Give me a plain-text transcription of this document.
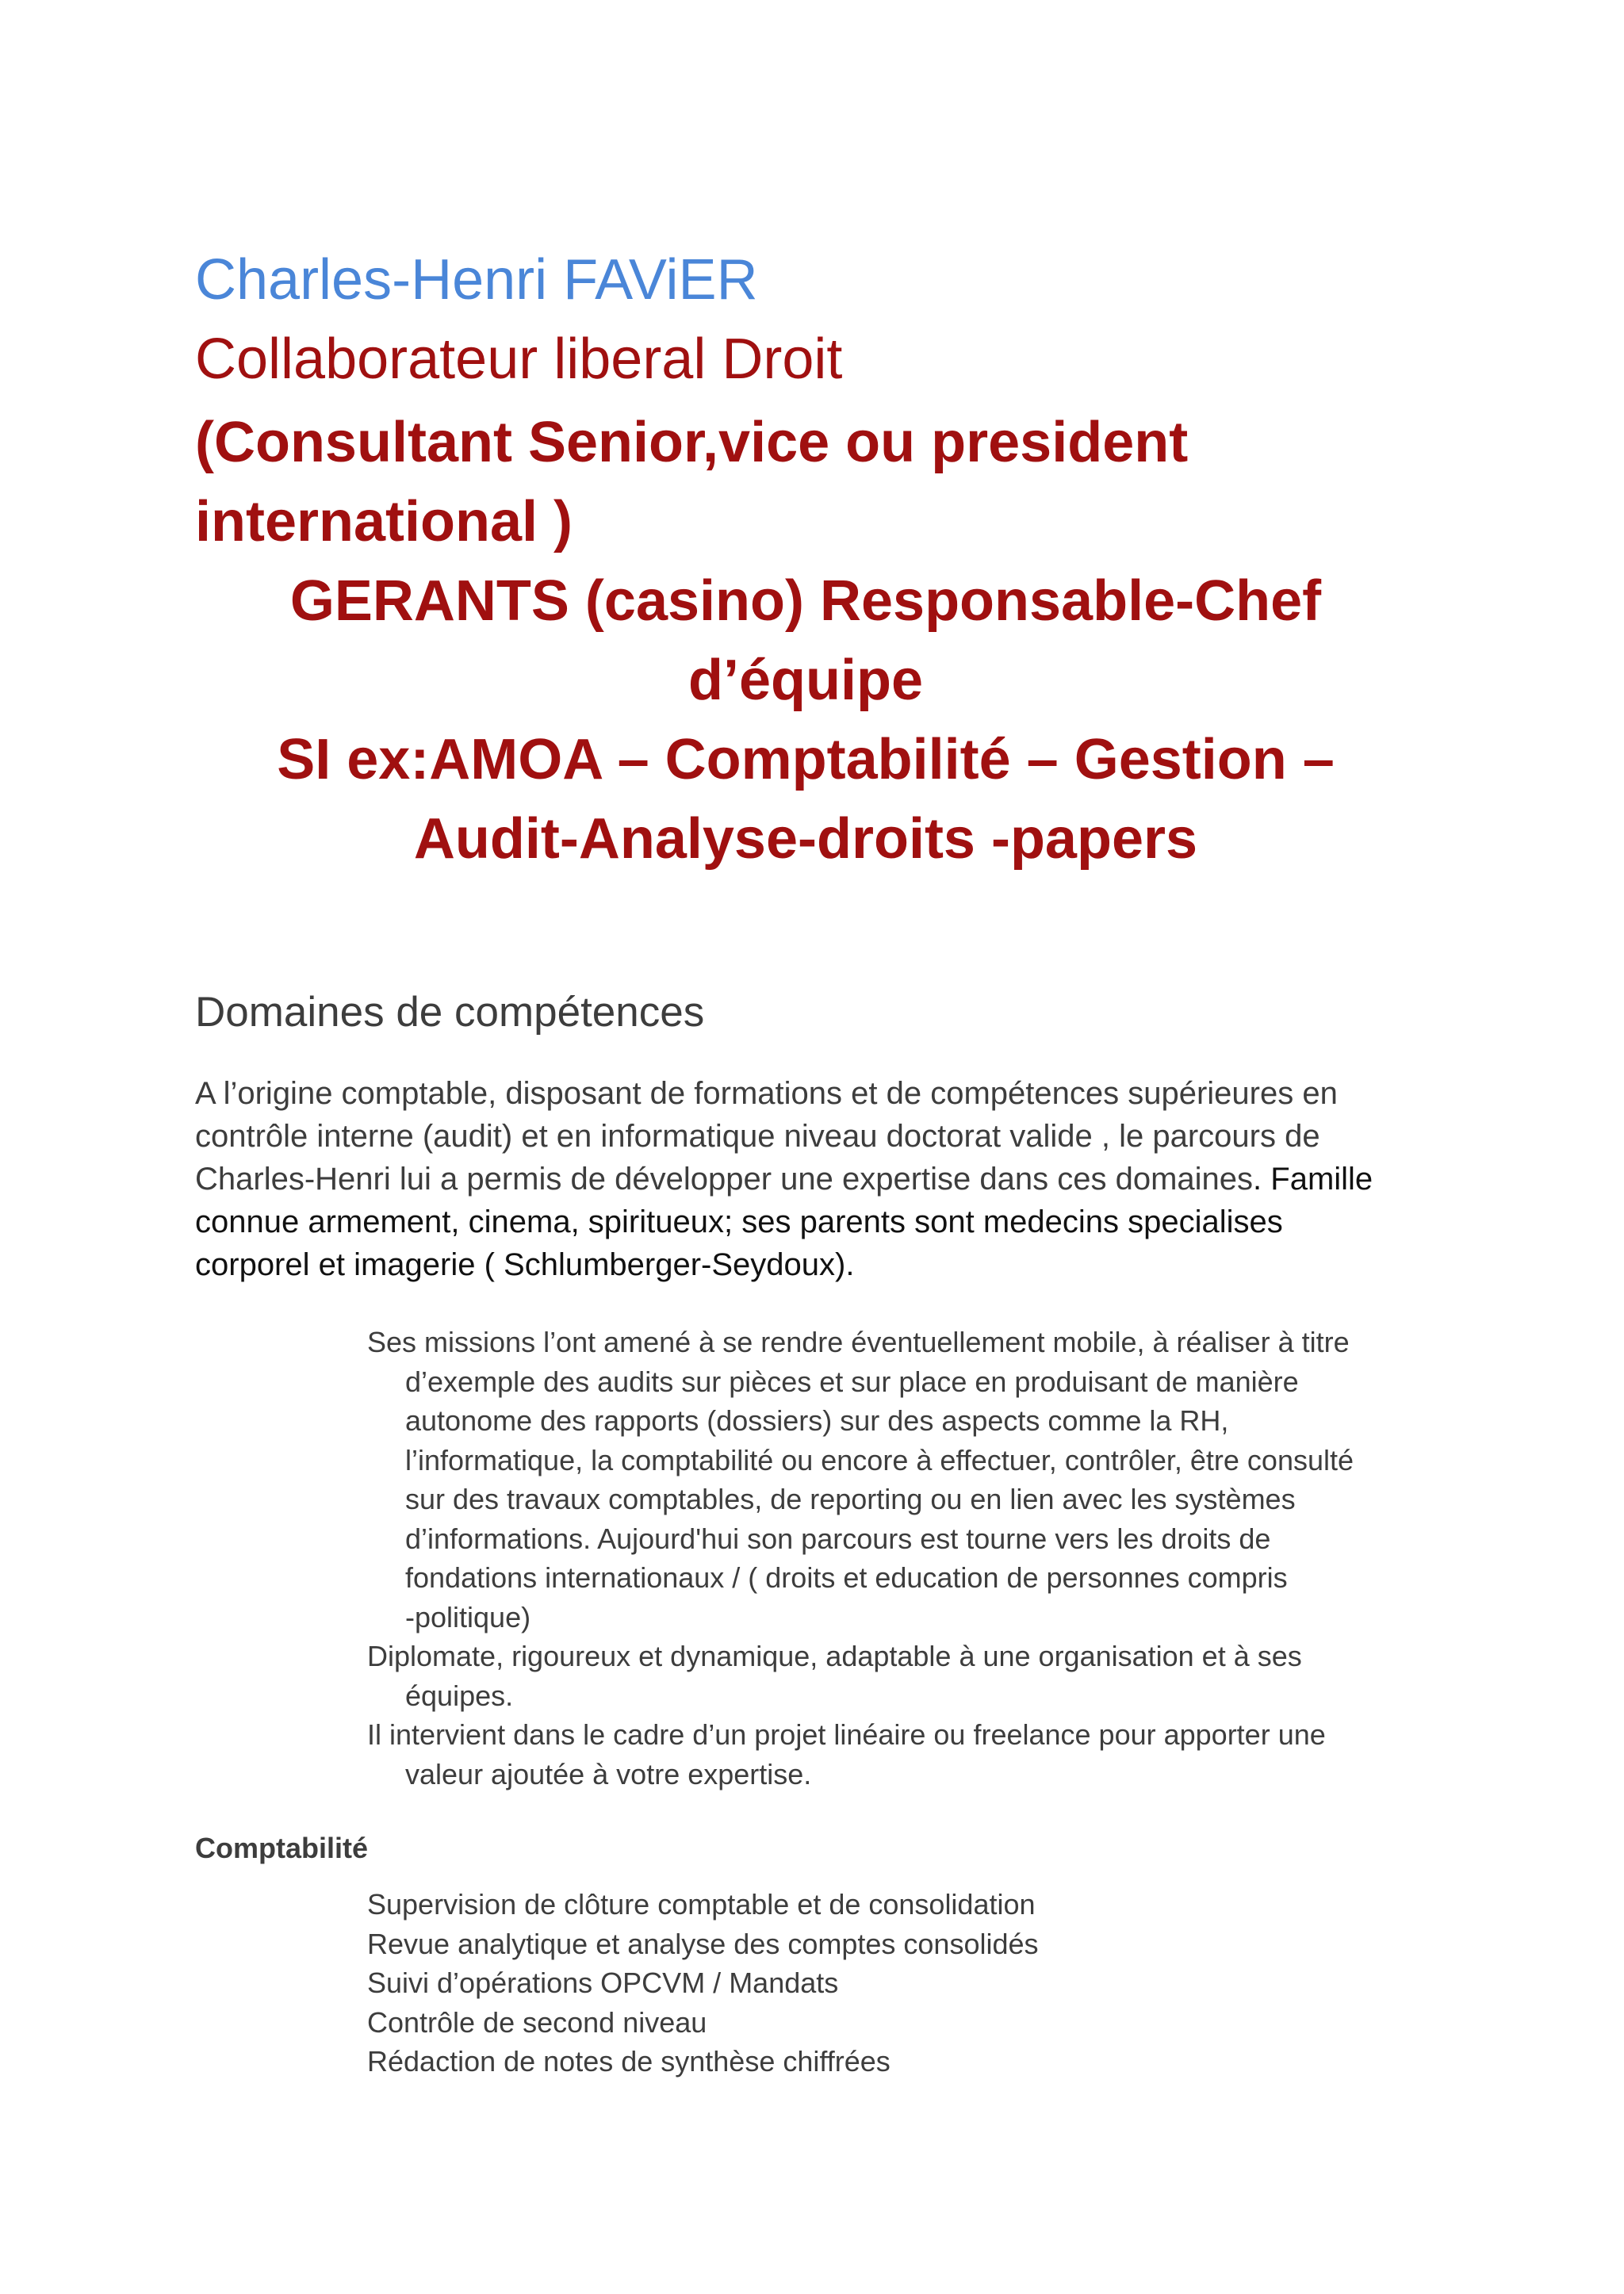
Charles-Henri FAViER
Collaborateur liberal Droit
(Consultant Senior,vice ou president
international )
GERANTS (casino) Responsable-Chef
d’équipe
SI ex:AMOA – Comptabilité – Gestion –
Audit-Analyse-droits -papers
Domaines de compétences
A l’origine comptable, disposant de formations et de compétences supérieures en
contrôle interne (audit) et en informatique niveau doctorat valide , le parcours de
Charles-Henri lui a permis de développer une expertise dans ces domaines. Famille
connue armement, cinema, spiritueux; ses parents sont medecins specialises
corporel et imagerie ( Schlumberger-Seydoux).
Ses missions l’ont amené à se rendre éventuellement mobile, à réaliser à titre
d’exemple des audits sur pièces et sur place en produisant de manière
autonome des rapports (dossiers) sur des aspects comme la RH,
l’informatique, la comptabilité ou encore à effectuer, contrôler, être consulté
sur des travaux comptables, de reporting ou en lien avec les systèmes
d’informations. Aujourd'hui son parcours est tourne vers les droits de
fondations internationaux / ( droits et education de personnes compris
-politique)
Diplomate, rigoureux et dynamique, adaptable à une organisation et à ses
équipes.
Il intervient dans le cadre d’un projet linéaire ou freelance pour apporter une
valeur ajoutée à votre expertise.
Comptabilité
Supervision de clôture comptable et de consolidation
Revue analytique et analyse des comptes consolidés
Suivi d’opérations OPCVM / Mandats
Contrôle de second niveau
Rédaction de notes de synthèse chiffrées
